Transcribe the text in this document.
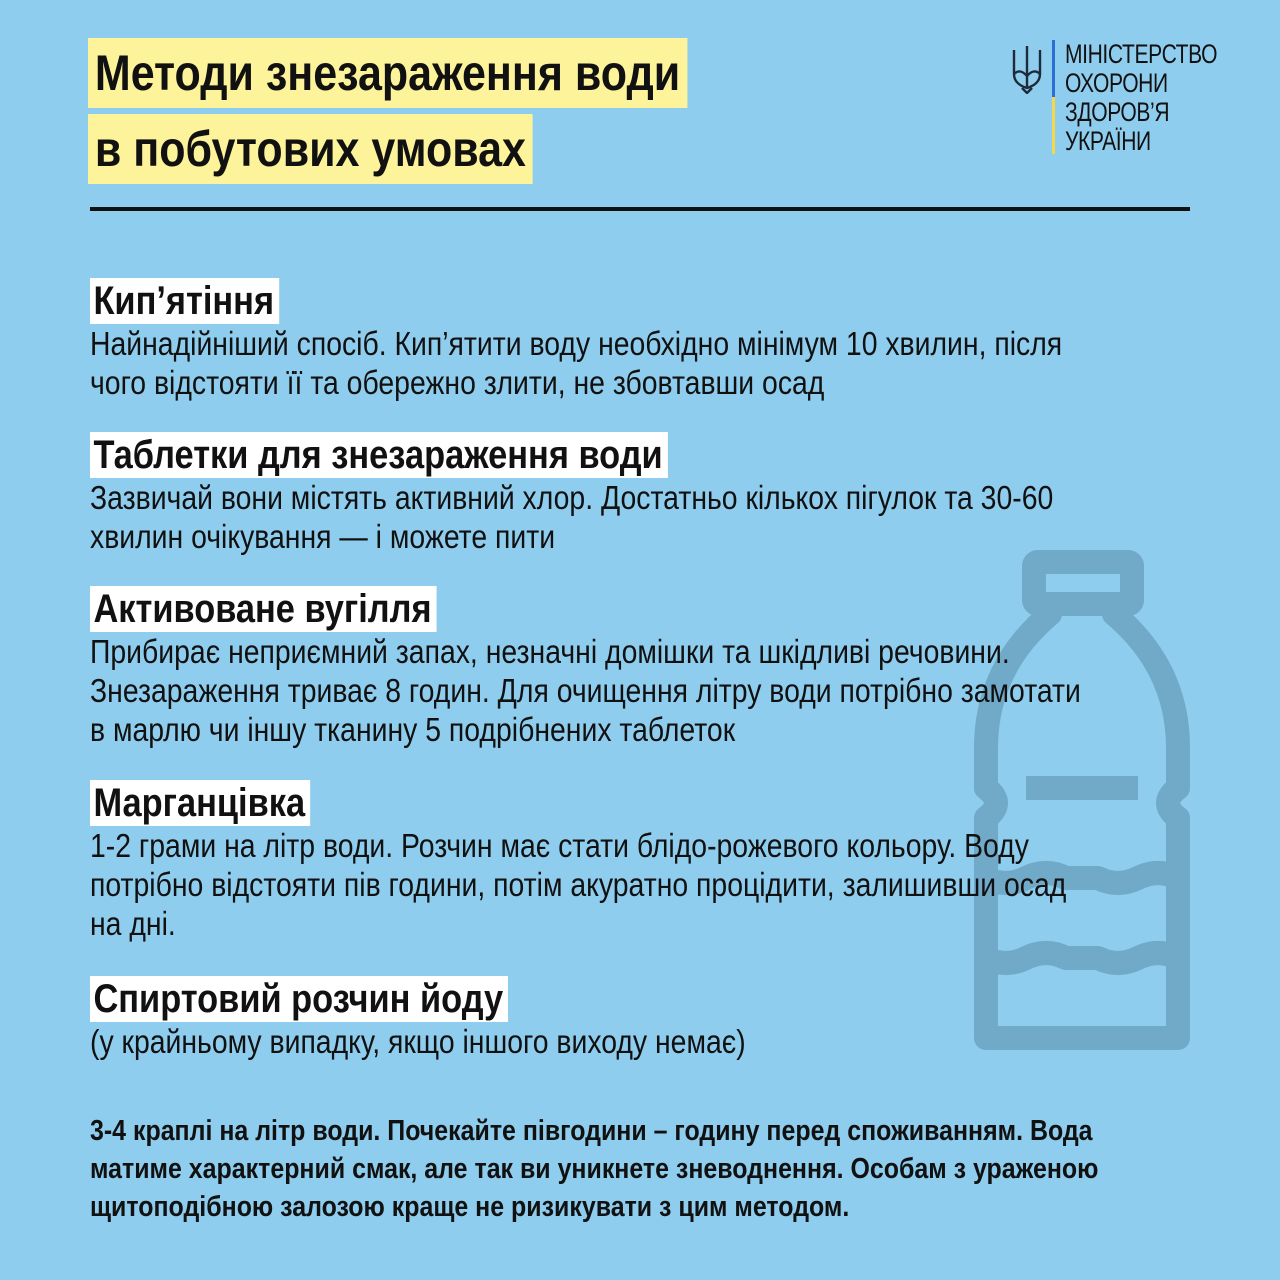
Методи знезараження води
в побутових умовах
МІНІСТЕРСТВО
ОХОРОНИ
ЗДОРОВ’Я
УКРАЇНИ
Кип’ятіння

Найнадійніший спосіб. Кип’ятити воду необхідно мінімум 10 хвилин, після

чого відстояти її та обережно злити, не збовтавши осад

Таблетки для знезараження води

Зазвичай вони містять активний хлор. Достатньо кількох пігулок та 30-60

хвилин очікування — і можете пити

Активоване вугілля

Прибирає неприємний запах, незначні домішки та шкідливі речовини.

Знезараження триває 8 годин. Для очищення літру води потрібно замотати

в марлю чи іншу тканину 5 подрібнених таблеток

Марганцівка

1-2 грами на літр води. Розчин має стати блідо-рожевого кольору. Воду

потрібно відстояти пів години, потім акуратно процідити, залишивши осад

на дні.

Спиртовий розчин йоду

(у крайньому випадку, якщо іншого виходу немає)

3-4 краплі на літр води. Почекайте півгодини – годину перед споживанням. Вода
матиме характерний смак, але так ви уникнете зневоднення. Особам з ураженою
щитоподібною залозою краще не ризикувати з цим методом.
